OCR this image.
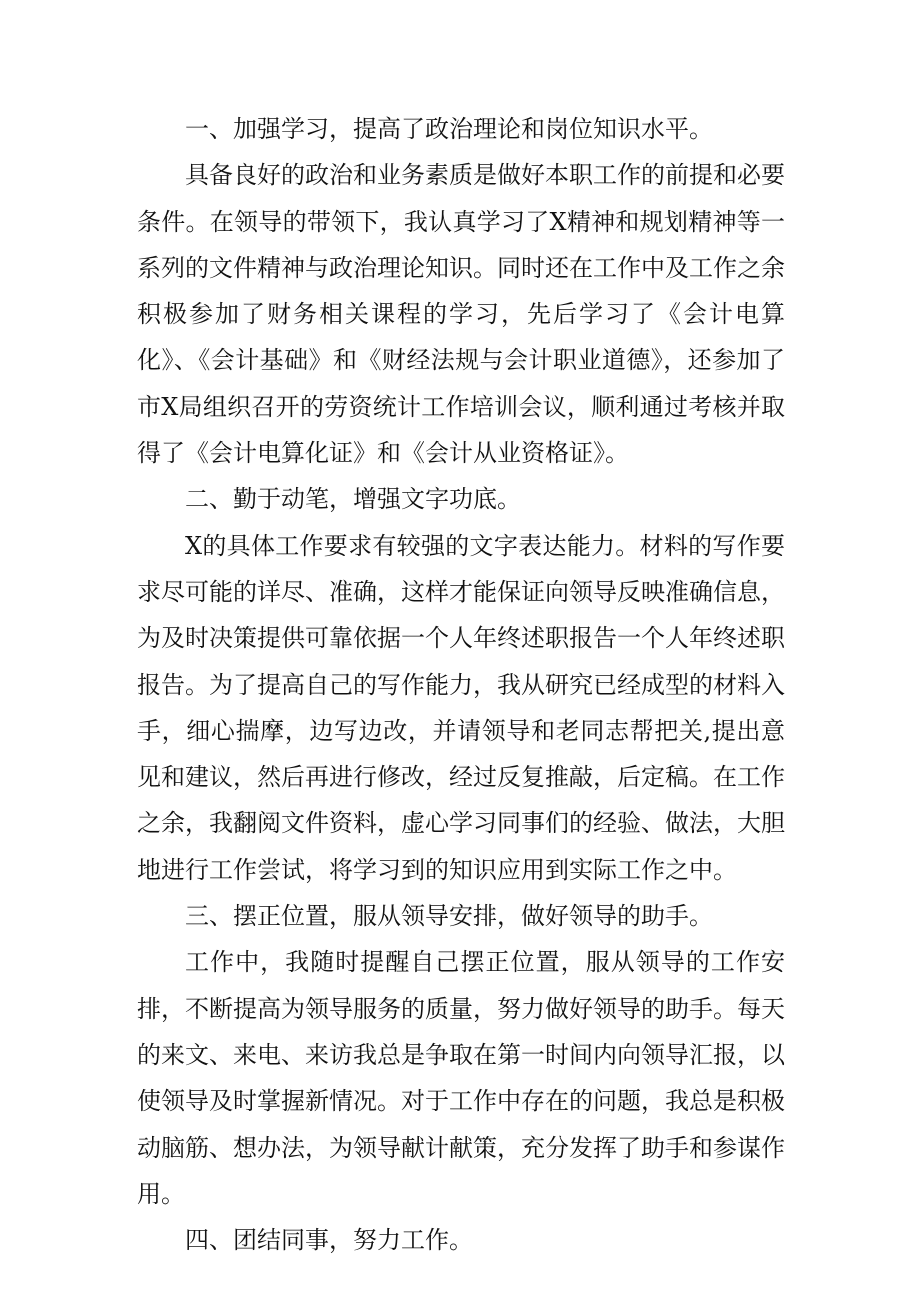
一、加强学习，提高了政治理论和岗位知识水平。

具备良好的政治和业务素质是做好本职工作的前提和必要条件。在领导的带领下，我认真学习了X精神和规划精神等一系列的文件精神与政治理论知识。同时还在工作中及工作之余积极参加了财务相关课程的学习，先后学习了《会计电算化》、《会计基础》和《财经法规与会计职业道德》，还参加了市X局组织召开的劳资统计工作培训会议，顺利通过考核并取得了《会计电算化证》和《会计从业资格证》。

二、勤于动笔，增强文字功底。

X的具体工作要求有较强的文字表达能力。材料的写作要求尽可能的详尽、准确，这样才能保证向领导反映准确信息，为及时决策提供可靠依据一个人年终述职报告一个人年终述职报告。为了提高自己的写作能力，我从研究已经成型的材料入手，细心揣摩，边写边改，并请领导和老同志帮把关,提出意见和建议，然后再进行修改，经过反复推敲，后定稿。在工作之余，我翻阅文件资料，虚心学习同事们的经验、做法，大胆地进行工作尝试，将学习到的知识应用到实际工作之中。

三、摆正位置，服从领导安排，做好领导的助手。

工作中，我随时提醒自己摆正位置，服从领导的工作安排，不断提高为领导服务的质量，努力做好领导的助手。每天的来文、来电、来访我总是争取在第一时间内向领导汇报，以使领导及时掌握新情况。对于工作中存在的问题，我总是积极动脑筋、想办法，为领导献计献策，充分发挥了助手和参谋作用。

四、团结同事，努力工作。
